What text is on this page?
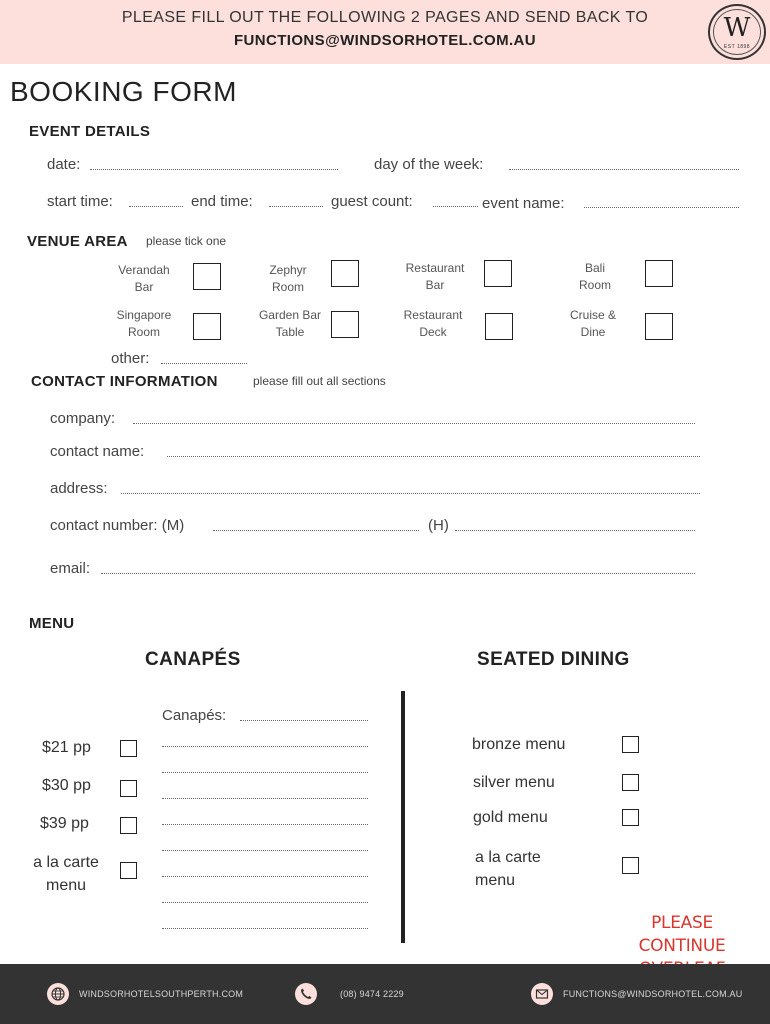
PLEASE FILL OUT THE FOLLOWING 2 PAGES AND SEND BACK TO
FUNCTIONS@WINDSORHOTEL.COM.AU	W
EST 1898
BOOKING FORM
EVENT DETAILS
date:	day of the week:
start time:	end time:	guest count:	event name:
VENUE AREA please tick one
Verandah
Bar
Zephyr
Room
Restaurant
Bar
Bali
Room
Singapore
Room
Garden Bar
Table
Restaurant
Deck
Cruise &
Dine
other:
CONTACT INFORMATION	please fill out all sections
company:
contact name:
address:
contact number: (M)	(H)
email:
MENU
CANAPÉS	SEATED DINING
$21 pp
$30 pp
$39 pp
a la carte
menu
Canapés:
bronze menu
silver menu
gold menu
a la carte
menu
PLEASE CONTINUE

WINDSORHOTELSOUTHPERTH.COM	(08) 9474 2229	FUNCTIONS@WINDSORHOTEL.COM.AU
